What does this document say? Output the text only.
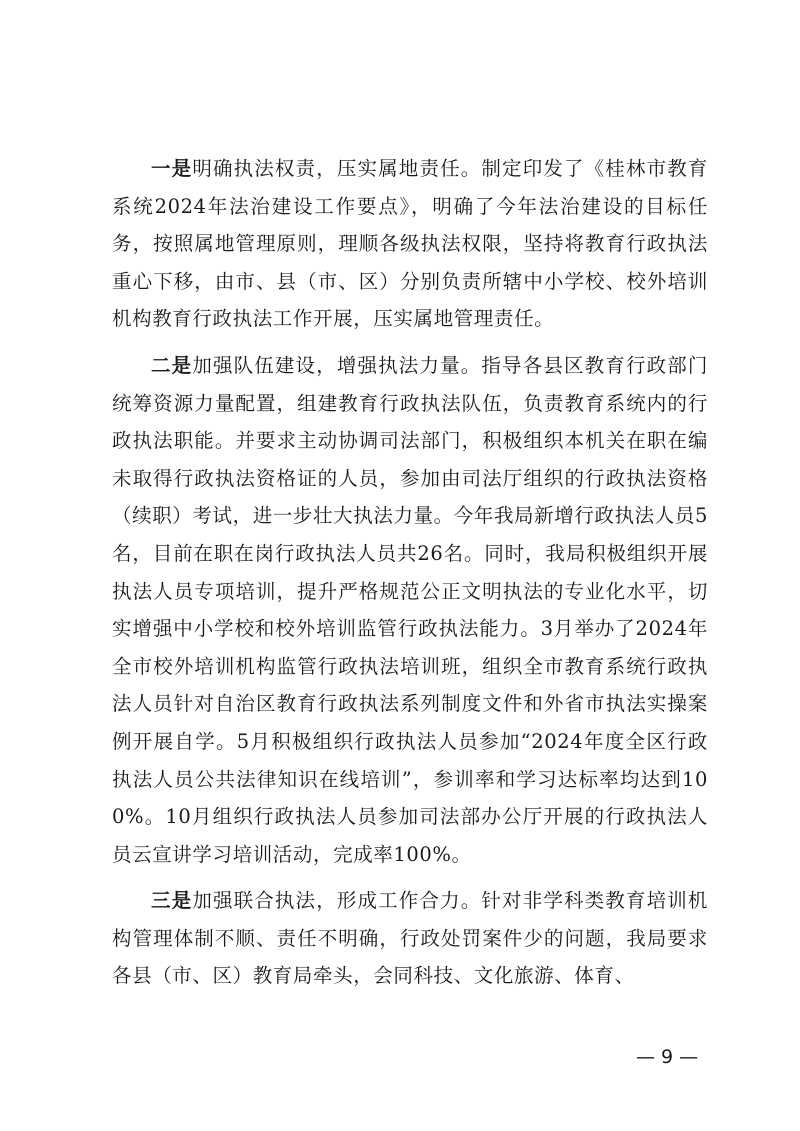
一是明确执法权责，压实属地责任。制定印发了《桂林市教育系统2024年法治建设工作要点》，明确了今年法治建设的目标任务，按照属地管理原则，理顺各级执法权限，坚持将教育行政执法重心下移，由市、县（市、区）分别负责所辖中小学校、校外培训机构教育行政执法工作开展，压实属地管理责任。

二是加强队伍建设，增强执法力量。指导各县区教育行政部门统筹资源力量配置，组建教育行政执法队伍，负责教育系统内的行政执法职能。并要求主动协调司法部门，积极组织本机关在职在编未取得行政执法资格证的人员，参加由司法厅组织的行政执法资格（续职）考试，进一步壮大执法力量。今年我局新增行政执法人员5名，目前在职在岗行政执法人员共26名。同时，我局积极组织开展执法人员专项培训，提升严格规范公正文明执法的专业化水平，切实增强中小学校和校外培训监管行政执法能力。3月举办了2024年全市校外培训机构监管行政执法培训班，组织全市教育系统行政执法人员针对自治区教育行政执法系列制度文件和外省市执法实操案例开展自学。5月积极组织行政执法人员参加“2024年度全区行政执法人员公共法律知识在线培训”，参训率和学习达标率均达到100%。10月组织行政执法人员参加司法部办公厅开展的行政执法人员云宣讲学习培训活动，完成率100%。

三是加强联合执法，形成工作合力。针对非学科类教育培训机构管理体制不顺、责任不明确，行政处罚案件少的问题，我局要求各县（市、区）教育局牵头，会同科技、文化旅游、体育、

— 9 —
